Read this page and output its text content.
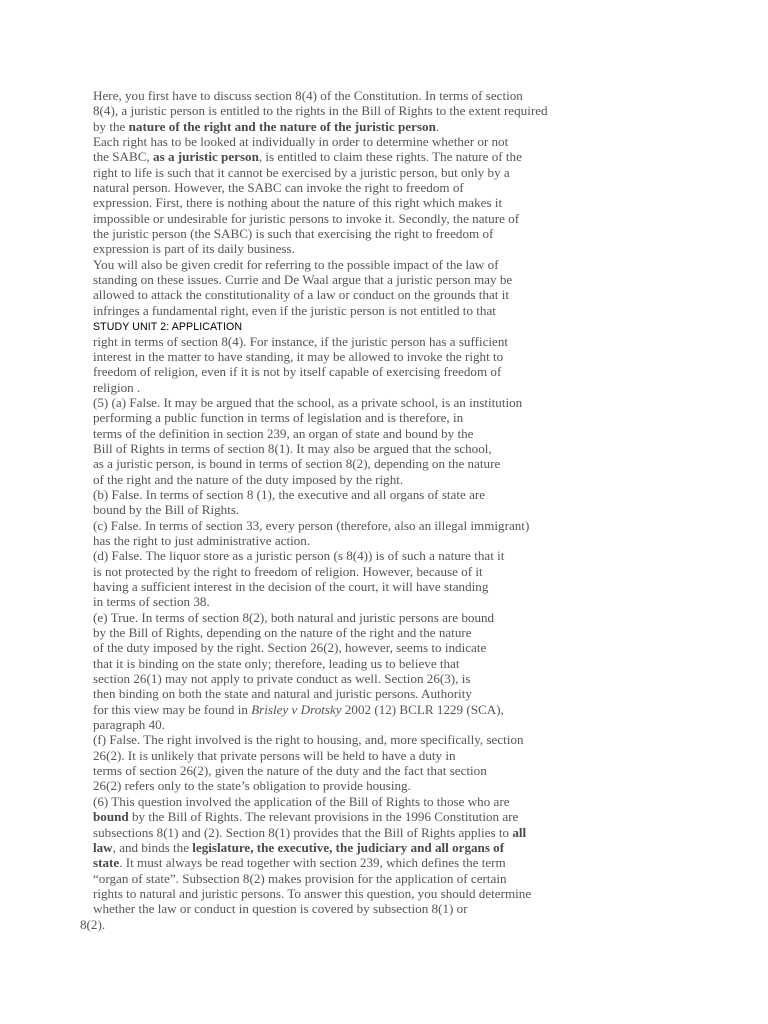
Here, you first have to discuss section 8(4) of the Constitution. In terms of section
8(4), a juristic person is entitled to the rights in the Bill of Rights to the extent required
by the nature of the right and the nature of the juristic person.
Each right has to be looked at individually in order to determine whether or not
the SABC, as a juristic person, is entitled to claim these rights. The nature of the
right to life is such that it cannot be exercised by a juristic person, but only by a
natural person. However, the SABC can invoke the right to freedom of
expression. First, there is nothing about the nature of this right which makes it
impossible or undesirable for juristic persons to invoke it. Secondly, the nature of
the juristic person (the SABC) is such that exercising the right to freedom of
expression is part of its daily business.
You will also be given credit for referring to the possible impact of the law of
standing on these issues. Currie and De Waal argue that a juristic person may be
allowed to attack the constitutionality of a law or conduct on the grounds that it
infringes a fundamental right, even if the juristic person is not entitled to that
STUDY UNIT 2: APPLICATION
right in terms of section 8(4). For instance, if the juristic person has a sufficient
interest in the matter to have standing, it may be allowed to invoke the right to
freedom of religion, even if it is not by itself capable of exercising freedom of
religion .
(5) (a) False. It may be argued that the school, as a private school, is an institution
performing a public function in terms of legislation and is therefore, in
terms of the definition in section 239, an organ of state and bound by the
Bill of Rights in terms of section 8(1). It may also be argued that the school,
as a juristic person, is bound in terms of section 8(2), depending on the nature
of the right and the nature of the duty imposed by the right.
(b) False. In terms of section 8 (1), the executive and all organs of state are
bound by the Bill of Rights.
(c) False. In terms of section 33, every person (therefore, also an illegal immigrant)
has the right to just administrative action.
(d) False. The liquor store as a juristic person (s 8(4)) is of such a nature that it
is not protected by the right to freedom of religion. However, because of it
having a sufficient interest in the decision of the court, it will have standing
in terms of section 38.
(e) True. In terms of section 8(2), both natural and juristic persons are bound
by the Bill of Rights, depending on the nature of the right and the nature
of the duty imposed by the right. Section 26(2), however, seems to indicate
that it is binding on the state only; therefore, leading us to believe that
section 26(1) may not apply to private conduct as well. Section 26(3), is
then binding on both the state and natural and juristic persons. Authority
for this view may be found in Brisley v Drotsky 2002 (12) BCLR 1229 (SCA),
paragraph 40.
(f) False. The right involved is the right to housing, and, more specifically, section
26(2). It is unlikely that private persons will be held to have a duty in
terms of section 26(2), given the nature of the duty and the fact that section
26(2) refers only to the state’s obligation to provide housing.
(6) This question involved the application of the Bill of Rights to those who are
bound by the Bill of Rights. The relevant provisions in the 1996 Constitution are
subsections 8(1) and (2). Section 8(1) provides that the Bill of Rights applies to all
law, and binds the legislature, the executive, the judiciary and all organs of
state. It must always be read together with section 239, which defines the term
“organ of state”. Subsection 8(2) makes provision for the application of certain
rights to natural and juristic persons. To answer this question, you should determine
whether the law or conduct in question is covered by subsection 8(1) or
8(2).
